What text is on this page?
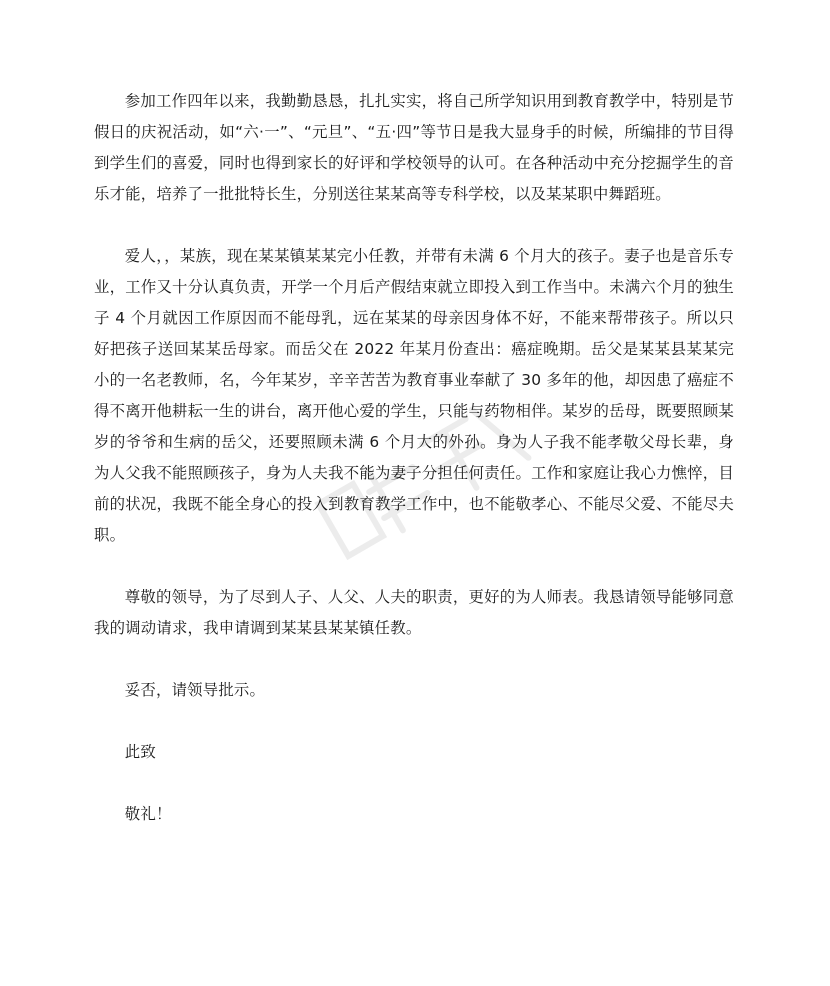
参加工作四年以来，我勤勤恳恳，扎扎实实，将自己所学知识用到教育教学中，特别是节假日的庆祝活动，如“六·一”、“元旦”、“五·四”等节日是我大显身手的时候，所编排的节目得到学生们的喜爱，同时也得到家长的好评和学校领导的认可。在各种活动中充分挖掘学生的音乐才能，培养了一批批特长生，分别送往某某高等专科学校，以及某某职中舞蹈班。

爱人，，某族，现在某某镇某某完小任教，并带有未满 6 个月大的孩子。妻子也是音乐专业，工作又十分认真负责，开学一个月后产假结束就立即投入到工作当中。未满六个月的独生子 4 个月就因工作原因而不能母乳，远在某某的母亲因身体不好，不能来帮带孩子。所以只好把孩子送回某某岳母家。而岳父在 2022 年某月份查出：癌症晚期。岳父是某某县某某完小的一名老教师，名，今年某岁，辛辛苦苦为教育事业奉献了 30 多年的他，却因患了癌症不得不离开他耕耘一生的讲台，离开他心爱的学生，只能与药物相伴。某岁的岳母，既要照顾某岁的爷爷和生病的岳父，还要照顾未满 6 个月大的外孙。身为人子我不能孝敬父母长辈，身为人父我不能照顾孩子，身为人夫我不能为妻子分担任何责任。工作和家庭让我心力憔悴，目前的状况，我既不能全身心的投入到教育教学工作中，也不能敬孝心、不能尽父爱、不能尽夫职。

尊敬的领导，为了尽到人子、人父、人夫的职责，更好的为人师表。我恳请领导能够同意我的调动请求，我申请调到某某县某某镇任教。

妥否，请领导批示。

此致

敬礼！
